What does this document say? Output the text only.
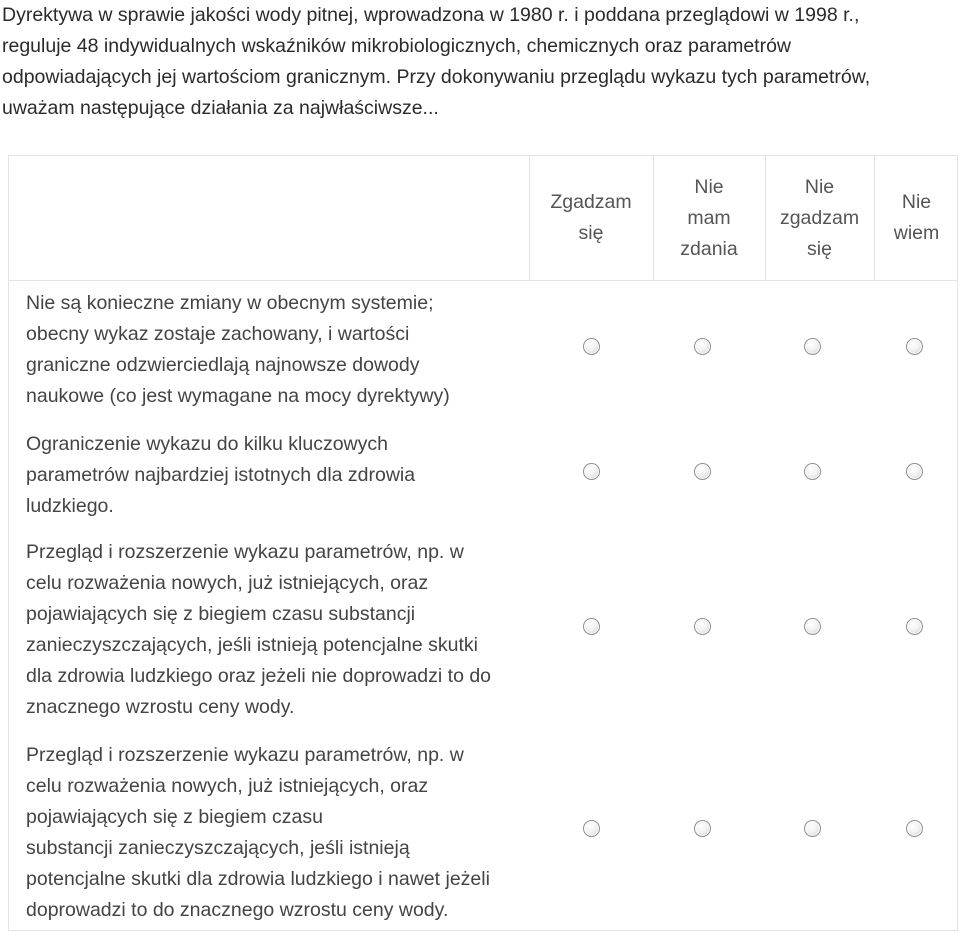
Dyrektywa w sprawie jakości wody pitnej, wprowadzona w 1980 r. i poddana przeglądowi w 1998 r.,
reguluje 48 indywidualnych wskaźników mikrobiologicznych, chemicznych oraz parametrów
odpowiadających jej wartościom granicznym. Przy dokonywaniu przeglądu wykazu tych parametrów,
uważam następujące działania za najwłaściwsze...
Zgadzam
się
Nie
mam
zdania
Nie
zgadzam
się
Nie
wiem
Nie są konieczne zmiany w obecnym systemie;
obecny wykaz zostaje zachowany, i wartości
graniczne odzwierciedlają najnowsze dowody
naukowe (co jest wymagane na mocy dyrektywy)
Ograniczenie wykazu do kilku kluczowych
parametrów najbardziej istotnych dla zdrowia
ludzkiego.
Przegląd i rozszerzenie wykazu parametrów, np. w
celu rozważenia nowych, już istniejących, oraz
pojawiających się z biegiem czasu substancji
zanieczyszczających, jeśli istnieją potencjalne skutki
dla zdrowia ludzkiego oraz jeżeli nie doprowadzi to do
znacznego wzrostu ceny wody.
Przegląd i rozszerzenie wykazu parametrów, np. w
celu rozważenia nowych, już istniejących, oraz
pojawiających się z biegiem czasu
substancji zanieczyszczających, jeśli istnieją
potencjalne skutki dla zdrowia ludzkiego i nawet jeżeli
doprowadzi to do znacznego wzrostu ceny wody.
